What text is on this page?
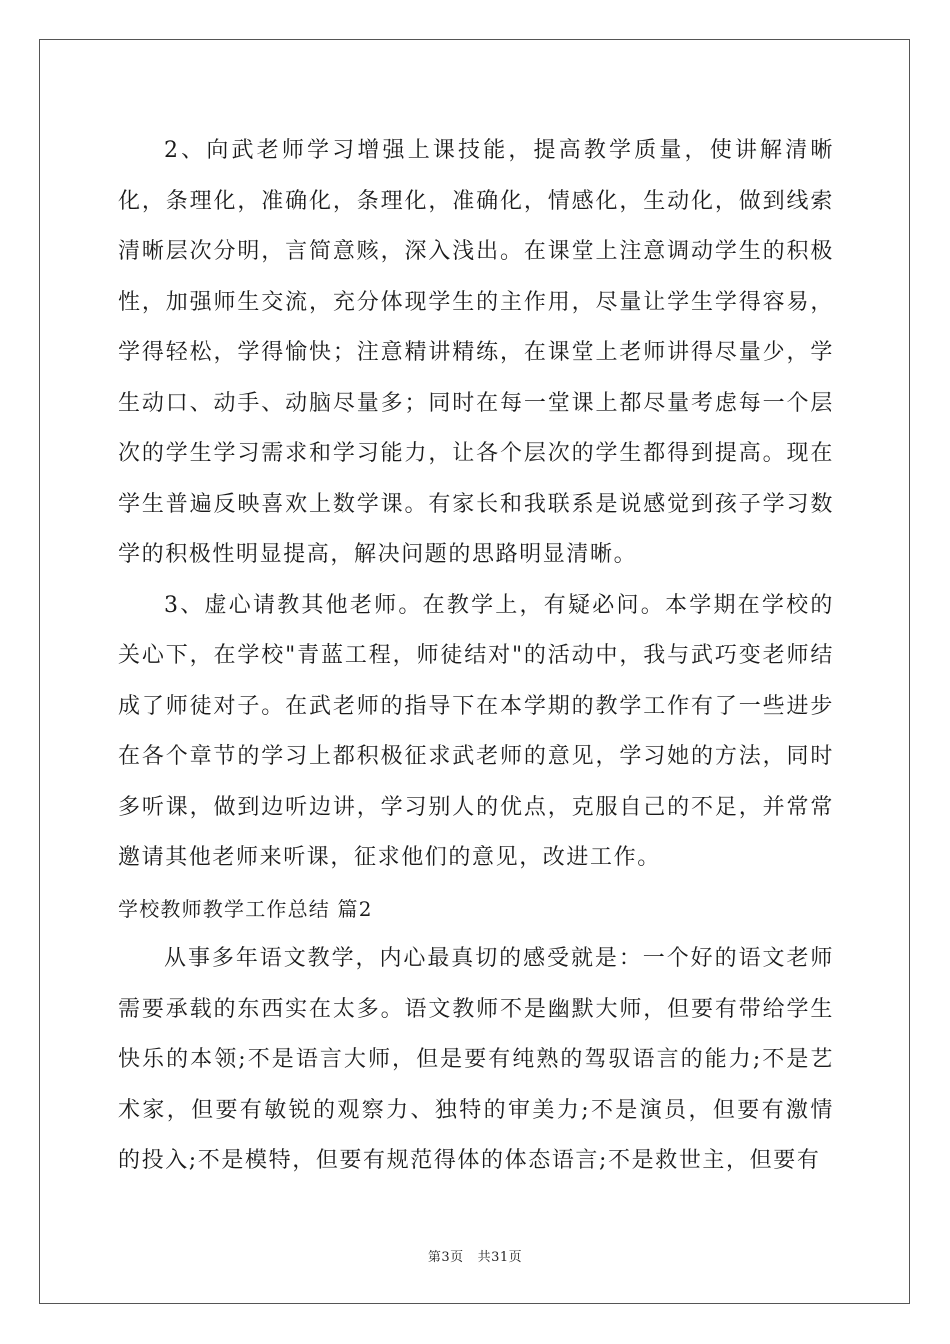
2、向武老师学习增强上课技能，提高教学质量，使讲解清晰化，条理化，准确化，条理化，准确化，情感化，生动化，做到线索清晰层次分明，言简意赅，深入浅出。在课堂上注意调动学生的积极性，加强师生交流，充分体现学生的主作用，尽量让学生学得容易，学得轻松，学得愉快；注意精讲精练，在课堂上老师讲得尽量少，学生动口、动手、动脑尽量多；同时在每一堂课上都尽量考虑每一个层次的学生学习需求和学习能力，让各个层次的学生都得到提高。现在学生普遍反映喜欢上数学课。有家长和我联系是说感觉到孩子学习数学的积极性明显提高，解决问题的思路明显清晰。

3、虚心请教其他老师。在教学上，有疑必问。本学期在学校的关心下，在学校"青蓝工程，师徒结对"的活动中，我与武巧变老师结成了师徒对子。在武老师的指导下在本学期的教学工作有了一些进步在各个章节的学习上都积极征求武老师的意见，学习她的方法，同时多听课，做到边听边讲，学习别人的优点，克服自己的不足，并常常邀请其他老师来听课，征求他们的意见，改进工作。

学校教师教学工作总结 篇2

从事多年语文教学，内心最真切的感受就是：一个好的语文老师需要承载的东西实在太多。语文教师不是幽默大师，但要有带给学生快乐的本领;不是语言大师，但是要有纯熟的驾驭语言的能力;不是艺术家，但要有敏锐的观察力、独特的审美力;不是演员，但要有激情的投入;不是模特，但要有规范得体的体态语言;不是救世主，但要有

第3页 共31页
